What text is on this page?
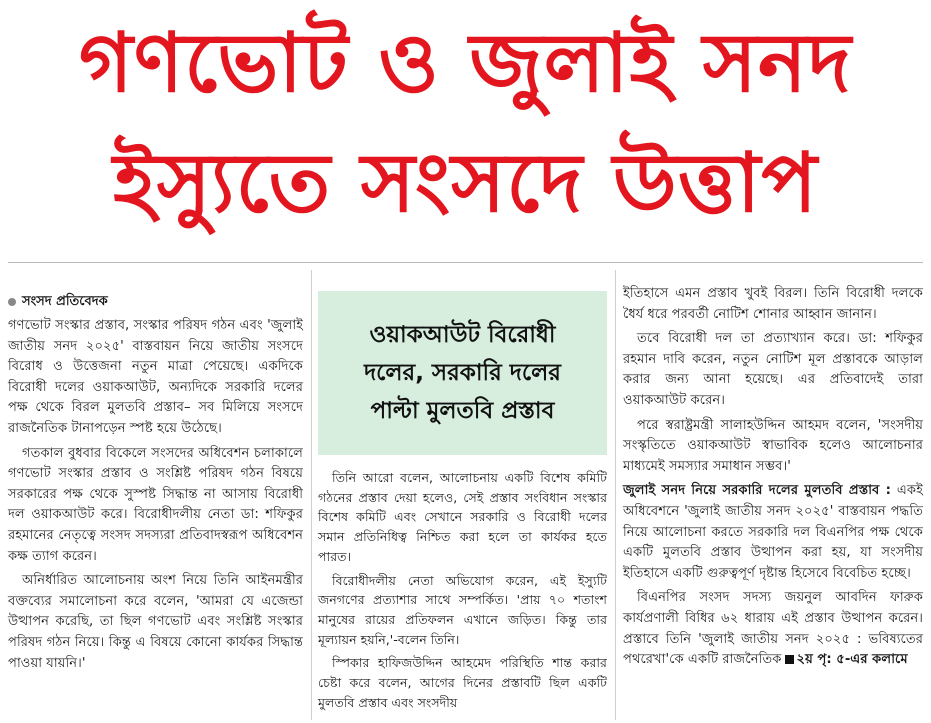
গণভোট ও জুলাই সনদ
ইস্যুতে সংসদে উত্তাপ
সংসদ প্রতিবেদক

গণভোট সংস্কার প্রস্তাব, সংস্কার পরিষদ গঠন এবং 'জুলাই জাতীয় সনদ ২০২৫' বাস্তবায়ন নিয়ে জাতীয় সংসদে বিরোধ ও উত্তেজনা নতুন মাত্রা পেয়েছে। একদিকে বিরোধী দলের ওয়াকআউট, অন্যদিকে সরকারি দলের পক্ষ থেকে বিরল মুলতবি প্রস্তাব– সব মিলিয়ে সংসদে রাজনৈতিক টানাপড়েন স্পষ্ট হয়ে উঠেছে।

গতকাল বুধবার বিকেলে সংসদের অধিবেশন চলাকালে গণভোট সংস্কার প্রস্তাব ও সংশ্লিষ্ট পরিষদ গঠন বিষয়ে সরকারের পক্ষ থেকে সুস্পষ্ট সিদ্ধান্ত না আসায় বিরোধী দল ওয়াকআউট করে। বিরোধীদলীয় নেতা ডা: শফিকুর রহমানের নেতৃত্বে সংসদ সদস্যরা প্রতিবাদস্বরূপ অধিবেশন কক্ষ ত্যাগ করেন।

অনির্ধারিত আলোচনায় অংশ নিয়ে তিনি আইনমন্ত্রীর বক্তব্যের সমালোচনা করে বলেন, 'আমরা যে এজেন্ডা উত্থাপন করেছি, তা ছিল গণভোট এবং সংশ্লিষ্ট সংস্কার পরিষদ গঠন নিয়ে। কিন্তু এ বিষয়ে কোনো কার্যকর সিদ্ধান্ত পাওয়া যায়নি।'

ওয়াকআউট বিরোধী
দলের, সরকারি দলের
পাল্টা মুলতবি প্রস্তাব

তিনি আরো বলেন, আলোচনায় একটি বিশেষ কমিটি গঠনের প্রস্তাব দেয়া হলেও, সেই প্রস্তাব সংবিধান সংস্কার বিশেষ কমিটি এবং সেখানে সরকারি ও বিরোধী দলের সমান প্রতিনিধিত্ব নিশ্চিত করা হলে তা কার্যকর হতে পারত।

বিরোধীদলীয় নেতা অভিযোগ করেন, এই ইস্যুটি জনগণের প্রত্যাশার সাথে সম্পর্কিত। 'প্রায় ৭০ শতাংশ মানুষের রায়ের প্রতিফলন এখানে জড়িত। কিন্তু তার মূল্যায়ন হয়নি,'-বলেন তিনি।

স্পিকার হাফিজউদ্দিন আহমেদ পরিস্থিতি শান্ত করার চেষ্টা করে বলেন, আগের দিনের প্রস্তাবটি ছিল একটি মুলতবি প্রস্তাব এবং সংসদীয়

ইতিহাসে এমন প্রস্তাব খুবই বিরল। তিনি বিরোধী দলকে ধৈর্য ধরে পরবর্তী নোটিশ শোনার আহ্বান জানান।

তবে বিরোধী দল তা প্রত্যাখ্যান করে। ডা: শফিকুর রহমান দাবি করেন, নতুন নোটিশ মূল প্রস্তাবকে আড়াল করার জন্য আনা হয়েছে। এর প্রতিবাদেই তারা ওয়াকআউট করেন।

পরে স্বরাষ্ট্রমন্ত্রী সালাহউদ্দিন আহমদ বলেন, 'সংসদীয় সংস্কৃতিতে ওয়াকআউট স্বাভাবিক হলেও আলোচনার মাধ্যমেই সমস্যার সমাধান সম্ভব।'

জুলাই সনদ নিয়ে সরকারি দলের মুলতবি প্রস্তাব : একই অধিবেশনে 'জুলাই জাতীয় সনদ ২০২৫' বাস্তবায়ন পদ্ধতি নিয়ে আলোচনা করতে সরকারি দল বিএনপির পক্ষ থেকে একটি মুলতবি প্রস্তাব উত্থাপন করা হয়, যা সংসদীয় ইতিহাসে একটি গুরুত্বপূর্ণ দৃষ্টান্ত হিসেবে বিবেচিত হচ্ছে।

বিএনপির সংসদ সদস্য জয়নুল আবদিন ফারুক কার্যপ্রণালী বিধির ৬২ ধারায় এই প্রস্তাব উত্থাপন করেন। প্রস্তাবে তিনি 'জুলাই জাতীয় সনদ ২০২৫ : ভবিষ্যতের পথরেখা'কে একটি রাজনৈতিক ২য় পৃ: ৫-এর কলামে
